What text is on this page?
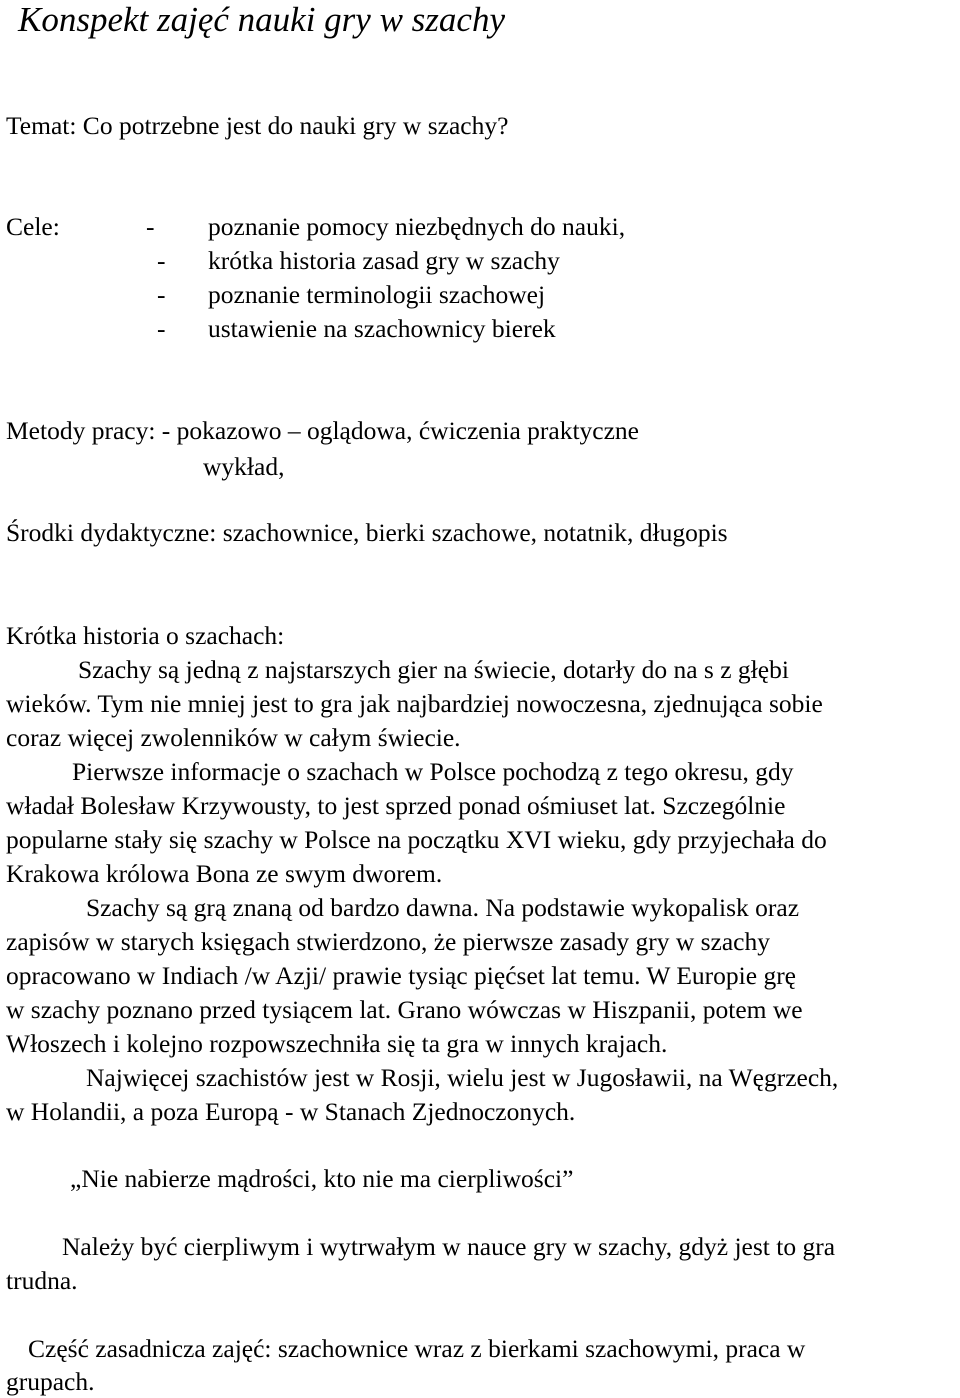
Konspekt zajęć nauki gry w szachy

Temat: Co potrzebne jest do nauki gry w szachy?

Cele:	- poznanie pomocy niezbędnych do nauki,

- krótka historia zasad gry w szachy

- poznanie terminologii szachowej

- ustawienie na szachownicy bierek

Metody pracy: - pokazowo – oglądowa, ćwiczenia praktyczne

wykład,

Środki dydaktyczne: szachownice, bierki szachowe, notatnik, długopis

Krótka historia o szachach:

Szachy są jedną z najstarszych gier na świecie, dotarły do na s z głębi

wieków. Tym nie mniej jest to gra jak najbardziej nowoczesna, zjednująca sobie

coraz więcej zwolenników w całym świecie.

Pierwsze informacje o szachach w Polsce pochodzą z tego okresu, gdy

władał Bolesław Krzywousty, to jest sprzed ponad ośmiuset lat. Szczególnie

popularne stały się szachy w Polsce na początku XVI wieku, gdy przyjechała do

Krakowa królowa Bona ze swym dworem.

Szachy są grą znaną od bardzo dawna. Na podstawie wykopalisk oraz

zapisów w starych księgach stwierdzono, że pierwsze zasady gry w szachy

opracowano w Indiach /w Azji/ prawie tysiąc pięćset lat temu. W Europie grę

w szachy poznano przed tysiącem lat. Grano wówczas w Hiszpanii, potem we

Włoszech i kolejno rozpowszechniła się ta gra w innych krajach.

Najwięcej szachistów jest w Rosji, wielu jest w Jugosławii, na Węgrzech,

w Holandii, a poza Europą - w Stanach Zjednoczonych.

„Nie nabierze mądrości, kto nie ma cierpliwości”

Należy być cierpliwym i wytrwałym w nauce gry w szachy, gdyż jest to gra

trudna.

Część zasadnicza zajęć: szachownice wraz z bierkami szachowymi, praca w

grupach.
